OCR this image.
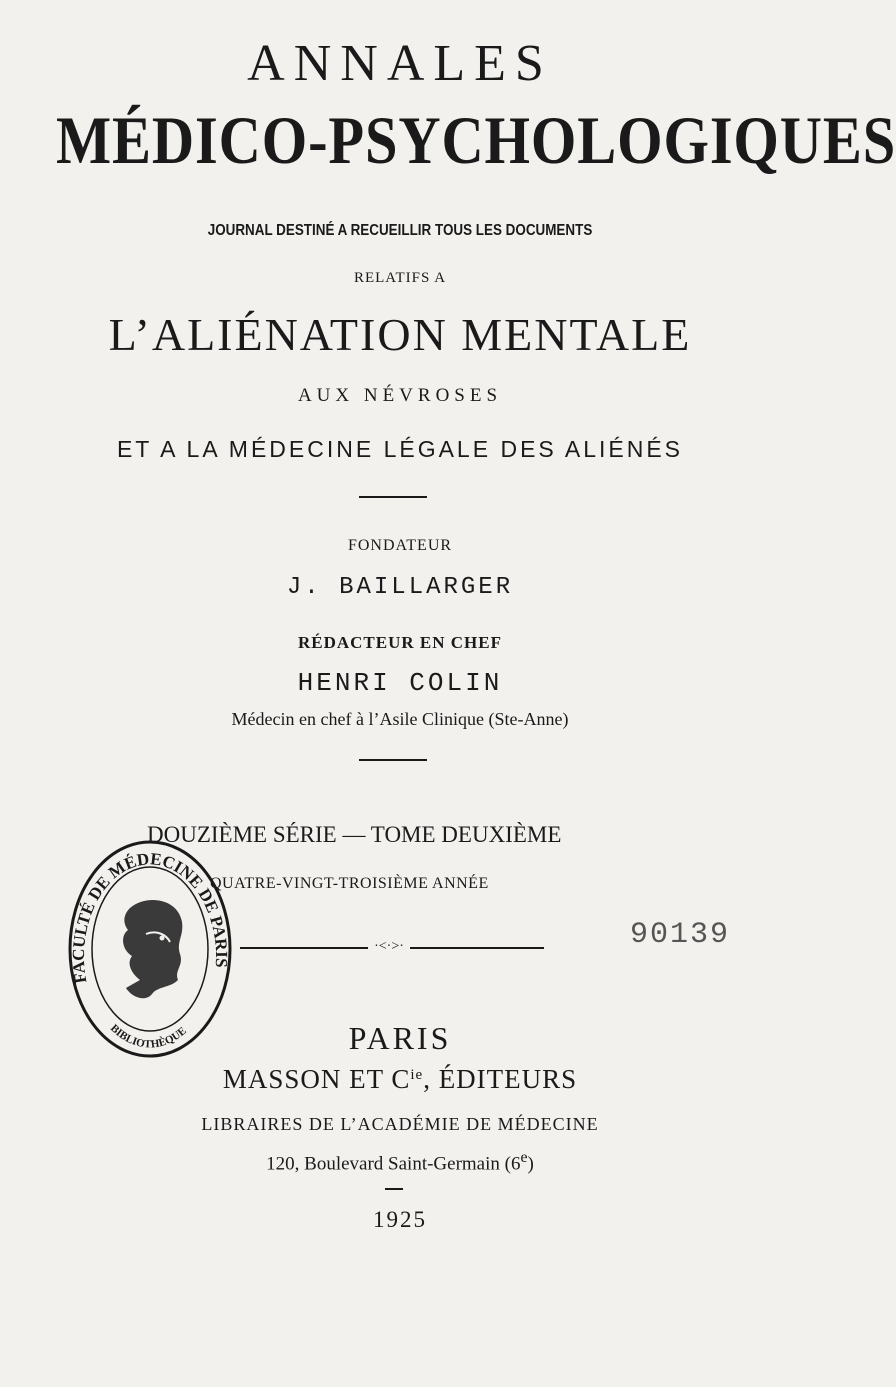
ANNALES
MÉDICO-PSYCHOLOGIQUES
JOURNAL DESTINÉ A RECUEILLIR TOUS LES DOCUMENTS
RELATIFS A
L’ALIÉNATION MENTALE
AUX NÉVROSES
ET A LA MÉDECINE LÉGALE DES ALIÉNÉS
FONDATEUR
J. BAILLARGER
RÉDACTEUR EN CHEF
HENRI COLIN
Médecin en chef à l’Asile Clinique (Ste-Anne)
DOUZIÈME SÉRIE — TOME DEUXIÈME
QUATRE-VINGT-TROISIÈME ANNÉE
·<·>·	90139
FACULTÉ DE MÉDECINE DE PARIS
BIBLIOTHÈQUE	PARIS
MASSON ET $C^{ie}$, ÉDITEURS
LIBRAIRES DE L’ACADÉMIE DE MÉDECINE
120, Boulevard Saint-Germain (6e)
1925
